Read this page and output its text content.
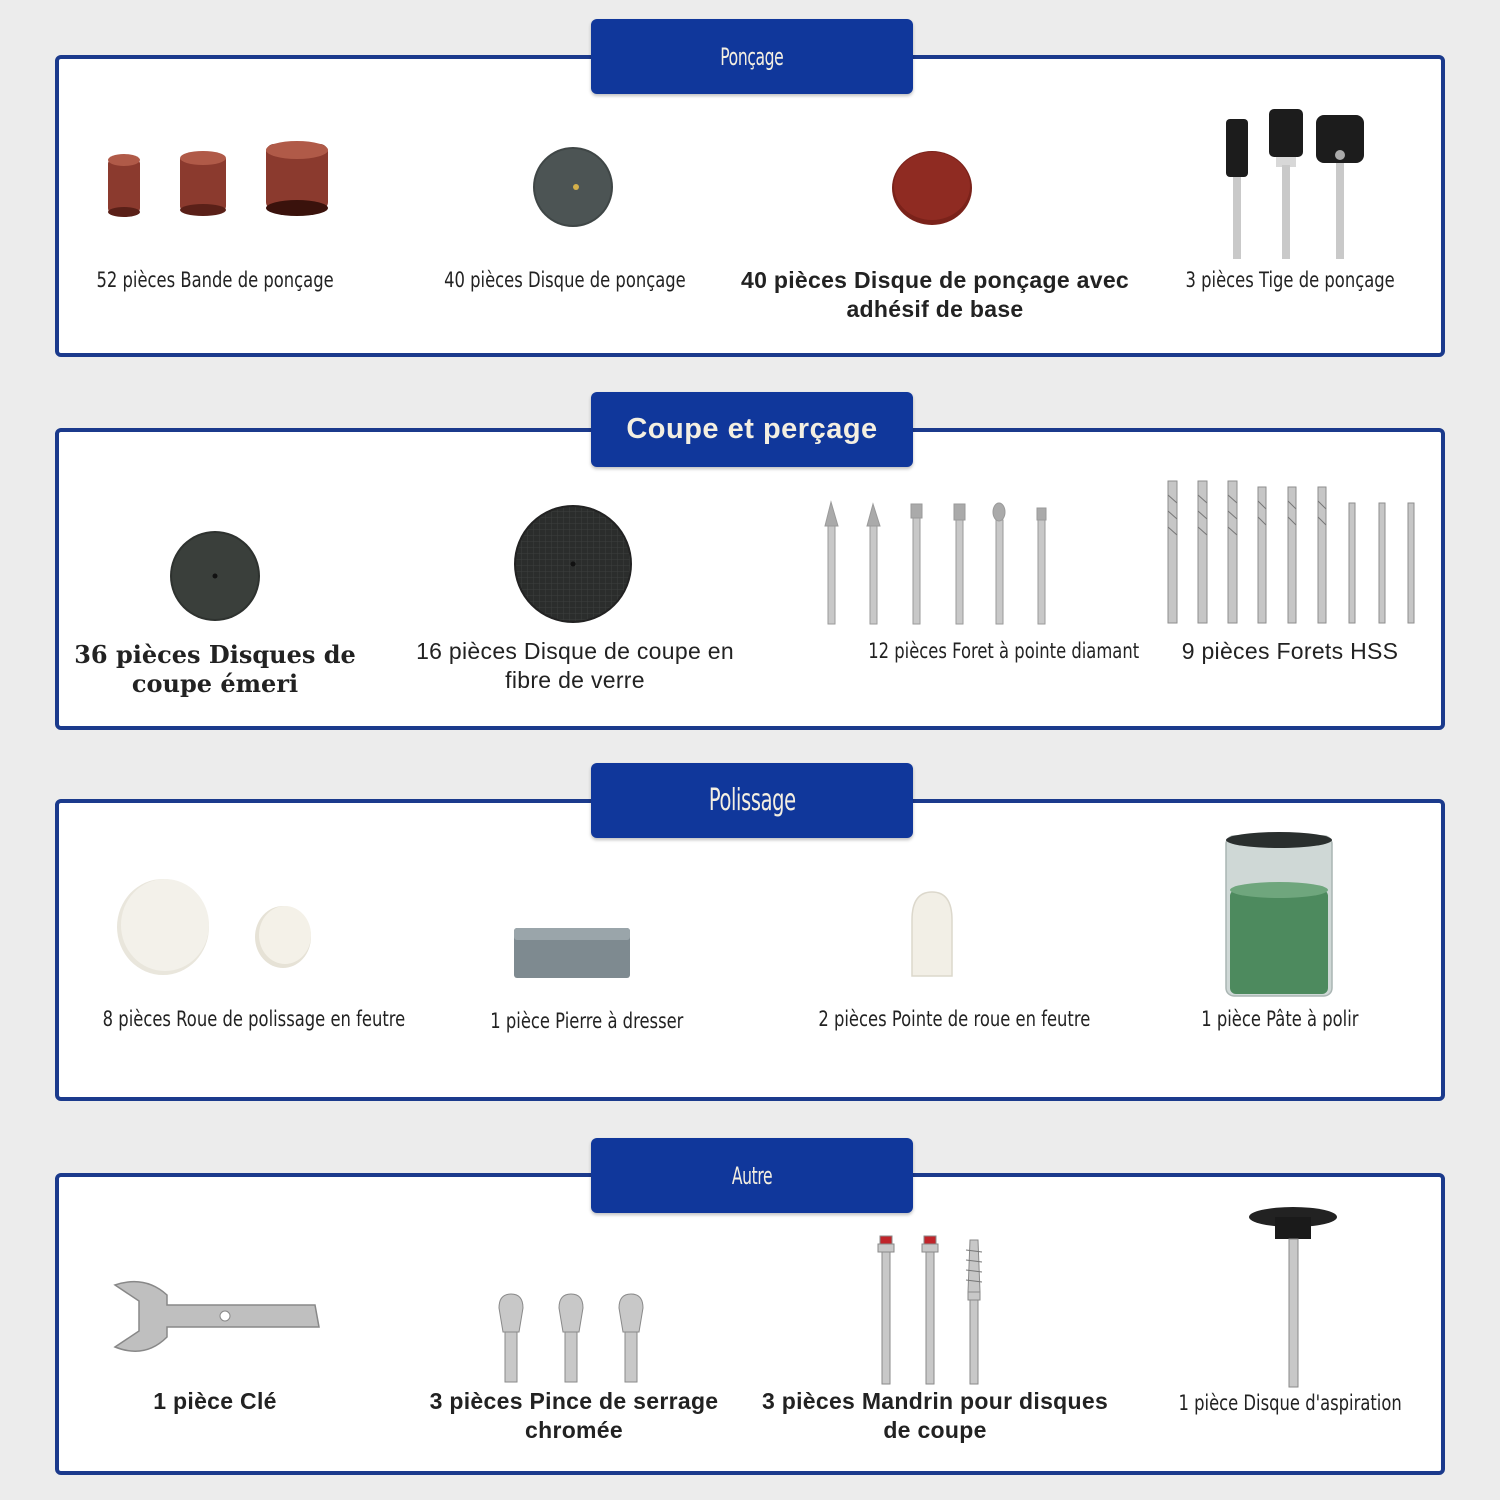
Ponçage
Coupe et perçage
Polissage
Autre
52 pièces Bande de ponçage	40 pièces Disque de ponçage	40 pièces Disque de ponçage avec adhésif de base
3 pièces Tige de ponçage
36 pièces Disques de coupe émeri
16 pièces Disque de coupe en fibre de verre
12 pièces Foret à pointe diamant	9 pièces Forets HSS
8 pièces Roue de polissage en feutre	1 pièce Pierre à dresser	2 pièces Pointe de roue en feutre	1 pièce Pâte à polir
1 pièce Clé	3 pièces Pince de serrage chromée
3 pièces Mandrin pour disques de coupe
1 pièce Disque d'aspiration
